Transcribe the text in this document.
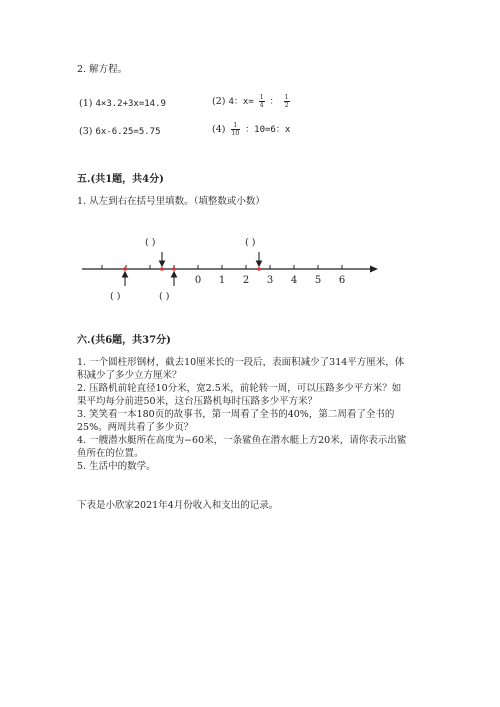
2. 解方程。
(1) 4×3.2+3x=14.9	(2) 4：$x= \frac{1}{4}$ ： $\frac{1}{2}$
(3) 6x-6.25=5.75	$(4) \frac{1}{10}$ ：10=6：x
五.(共1题，共4分)
1. 从左到右在括号里填数。（填整数或小数）
0 1 2 3 4 5 6
( )	( )
( )	( )
六.(共6题，共37分)

1. 一个圆柱形钢材，截去10厘米长的一段后，表面积减少了314平方厘米，体

积减少了多少立方厘米？

2. 压路机前轮直径10分米，宽2.5米，前轮转一周，可以压路多少平方米？如

果平均每分前进50米，这台压路机每时压路多少平方米？

3. 笑笑看一本180页的故事书，第一周看了全书的40%，第二周看了全书的

25%。两周共看了多少页？

4. 一艘潜水艇所在高度为−60米，一条鲨鱼在潜水艇上方20米，请你表示出鲨

鱼所在的位置。

5. 生活中的数学。

下表是小欣家2021年4月份收入和支出的记录。
